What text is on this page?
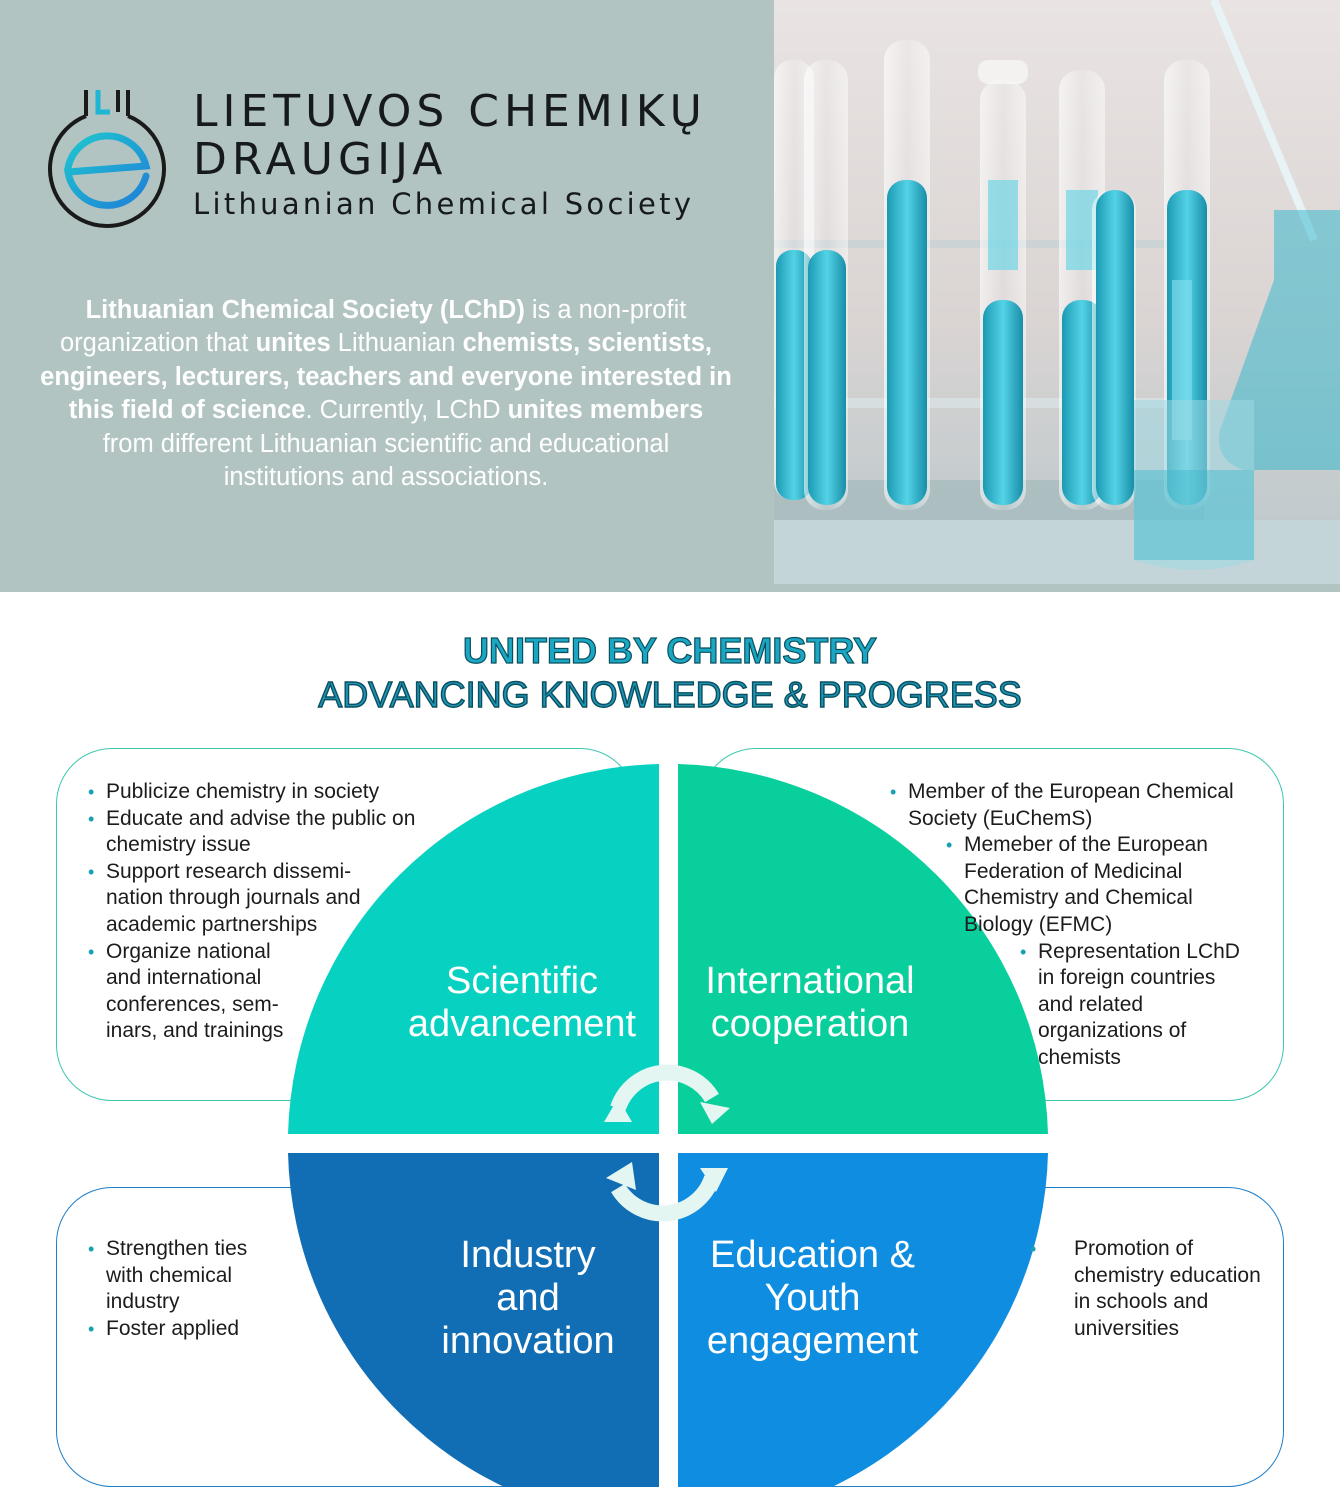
LIETUVOS CHEMIKŲ
DRAUGIJA
Lithuanian Chemical Society

Lithuanian Chemical Society (LChD) is a non-profit organization that unites Lithuanian chemists, scientists, engineers, lecturers, teachers and everyone interested in this field of science. Currently, LChD unites members from different Lithuanian scientific and educational institutions and associations.

UNITED BY CHEMISTRY
ADVANCING KNOWLEDGE & PROGRESS
Scientific
advancement
International
cooperation
Industry
and
innovation
Education &
Youth
engagement
• Publicize chemistry in society
• Educate and advise the public on chemistry issue
• Support research dissemi-nation through journals and academic partnerships
• Organize national and international conferences, sem-inars, and trainings
• Member of the European Chemical Society (EuChemS)
• Memeber of the European Federation of Medicinal Chemistry and Chemical Biology (EFMC)
• Representation LChD in foreign countries and related organizations of chemists
• Strengthen ties with chemical industry
• Foster applied
• Promotion of chemistry education in schools and universities
